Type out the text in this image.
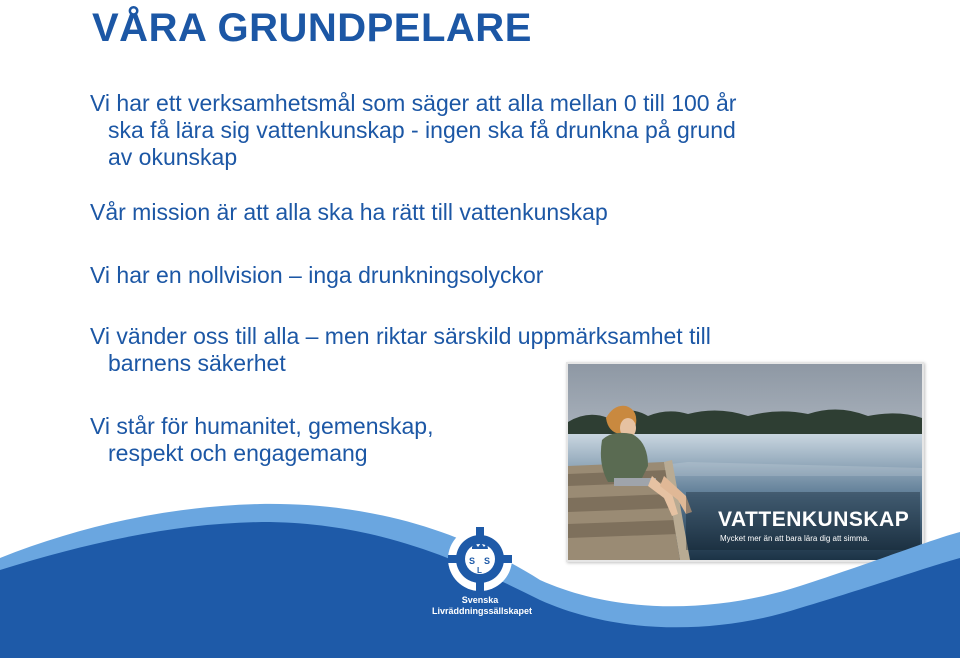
VÅRA GRUNDPELARE

Vi har ett verksamhetsmål som säger att alla mellan 0 till 100 år
ska få lära sig vattenkunskap - ingen ska få drunkna på grund
av okunskap

Vår mission är att alla ska ha rätt till vattenkunskap

Vi har en nollvision – inga drunkningsolyckor

Vi vänder oss till alla – men riktar särskild uppmärksamhet till
barnens säkerhet

Vi står för humanitet, gemenskap,
respekt och engagemang

VATTENKUNSKAP
Mycket mer än att bara lära dig att simma.
S S
L
Svenska
Livräddningssällskapet
